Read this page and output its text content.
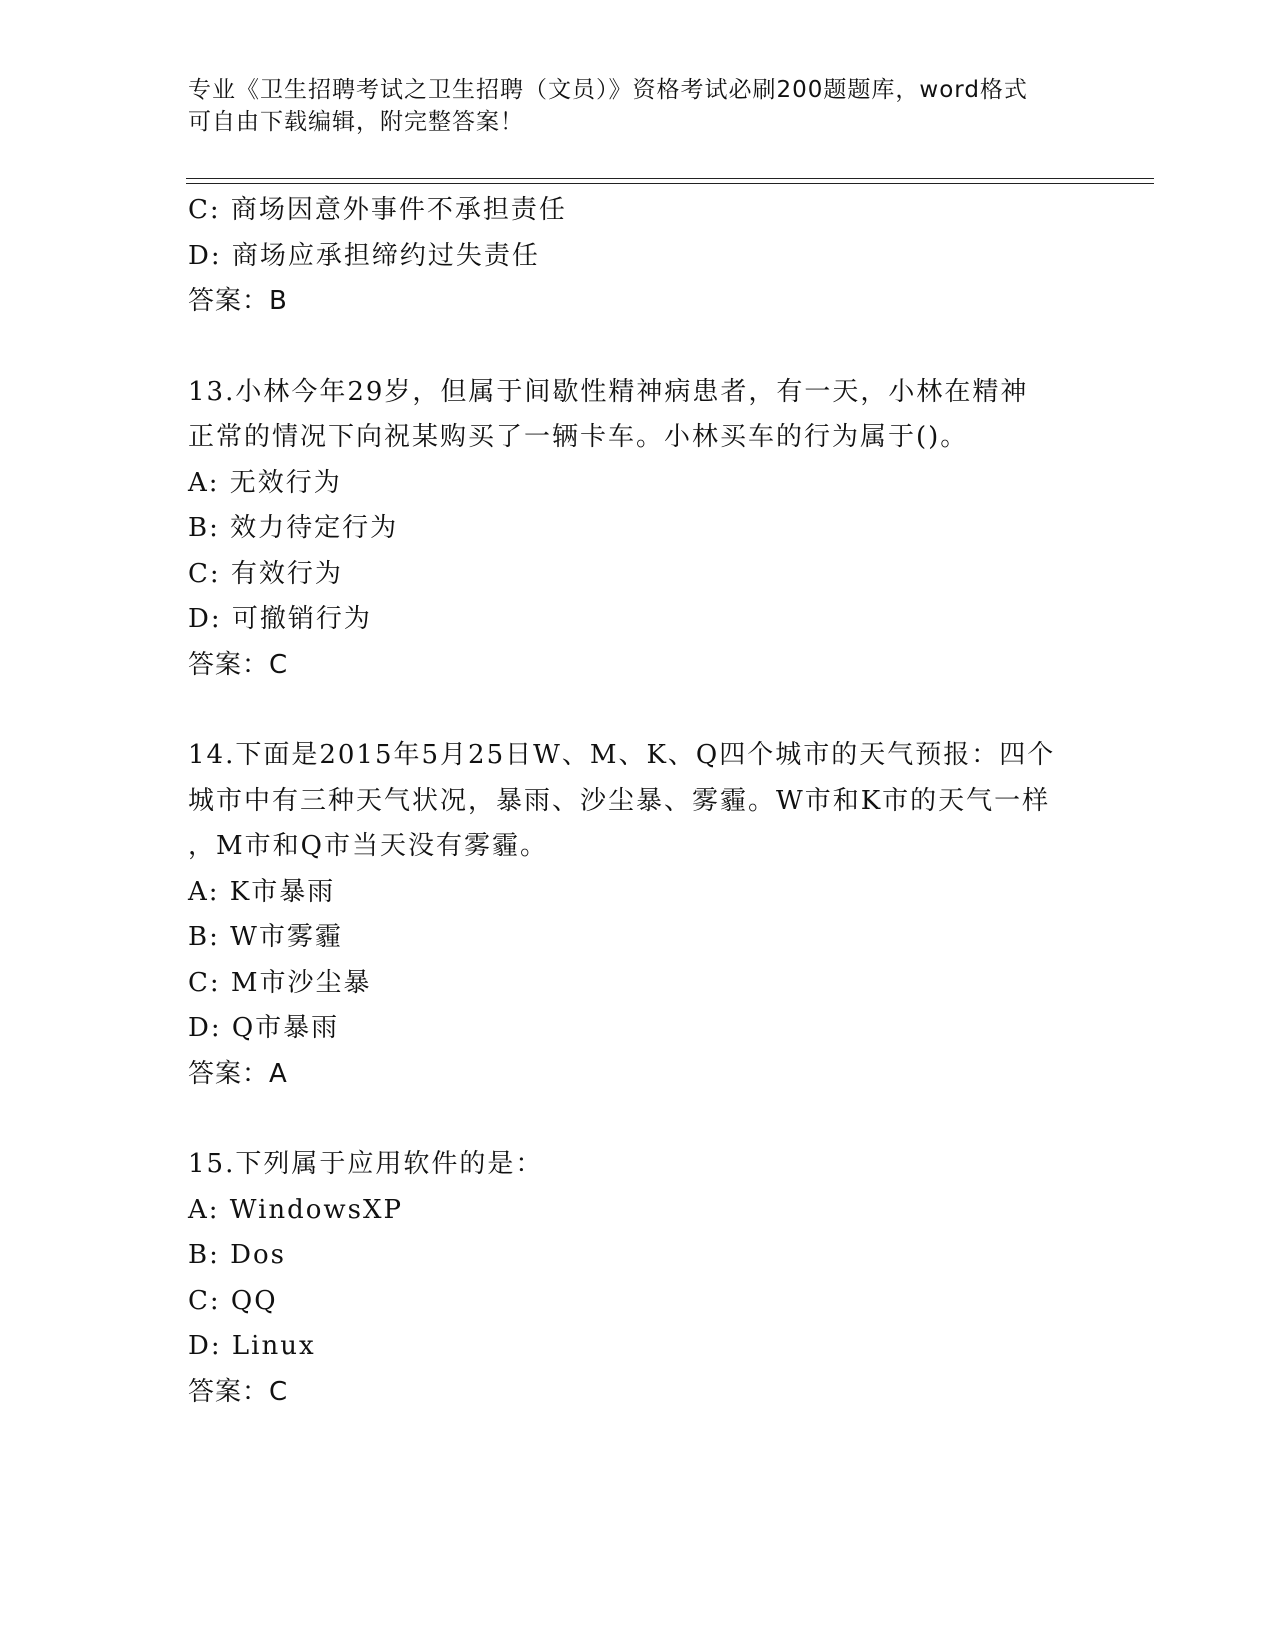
专业《卫生招聘考试之卫生招聘（文员）》资格考试必刷200题题库，word格式
可自由下载编辑，附完整答案！
C: 商场因意外事件不承担责任
D: 商场应承担缔约过失责任
答案：B
13.小林今年29岁，但属于间歇性精神病患者，有一天，小林在精神
正常的情况下向祝某购买了一辆卡车。小林买车的行为属于()。
A: 无效行为
B: 效力待定行为
C: 有效行为
D: 可撤销行为
答案：C
14.下面是2015年5月25日W、M、K、Q四个城市的天气预报：四个
城市中有三种天气状况，暴雨、沙尘暴、雾霾。W市和K市的天气一样
，M市和Q市当天没有雾霾。
A: K市暴雨
B: W市雾霾
C: M市沙尘暴
D: Q市暴雨
答案：A
15.下列属于应用软件的是：
A: WindowsXP
B: Dos
C: QQ
D: Linux
答案：C
